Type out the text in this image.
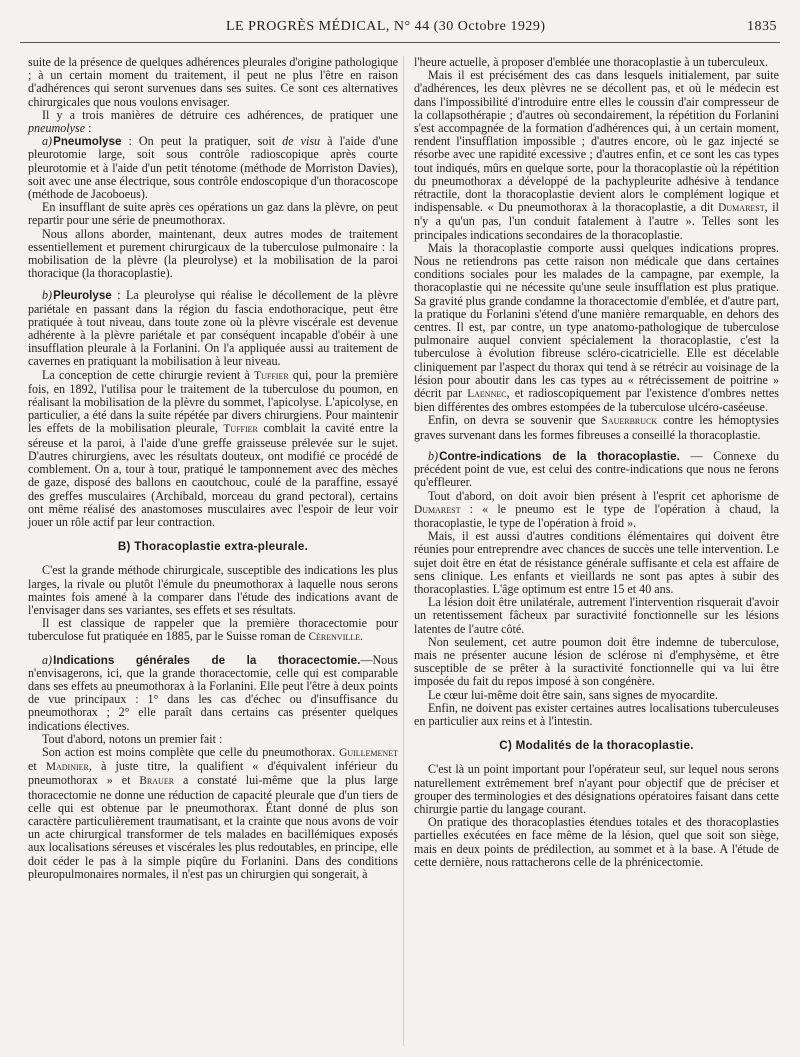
LE PROGRÈS MÉDICAL, N° 44 (30 Octobre 1929)	1835

suite de la présence de quelques adhérences pleurales d'origine pathologique ; à un certain moment du traitement, il peut ne plus l'être en raison d'adhérences qui seront survenues dans ses suites. Ce sont ces alternatives chirurgicales que nous voulons envisager.

Il y a trois manières de détruire ces adhérences, de pratiquer une pneumolyse :

a) Pneumolyse : On peut la pratiquer, soit de visu à l'aide d'une pleurotomie large, soit sous contrôle radioscopique après courte pleurotomie et à l'aide d'un petit ténotome (méthode de Morriston Davies), soit avec une anse électrique, sous contrôle endoscopique d'un thoracoscope (méthode de Jacoboeus).

En insufflant de suite après ces opérations un gaz dans la plèvre, on peut repartir pour une série de pneumothorax.

Nous allons aborder, maintenant, deux autres modes de traitement essentiellement et purement chirurgicaux de la tuberculose pulmonaire : la mobilisation de la plèvre (la pleurolyse) et la mobilisation de la paroi thoracique (la thoracoplastie).

b) Pleurolyse : La pleurolyse qui réalise le décollement de la plèvre pariétale en passant dans la région du fascia endothoracique, peut être pratiquée à tout niveau, dans toute zone où la plèvre viscérale est devenue adhérente à la plèvre pariétale et par conséquent incapable d'obéir à une insufflation pleurale à la Forlanini. On l'a appliquée aussi au traitement de cavernes en pratiquant la mobilisation à leur niveau.

La conception de cette chirurgie revient à Tuffier qui, pour la première fois, en 1892, l'utilisa pour le traitement de la tuberculose du poumon, en réalisant la mobilisation de la plèvre du sommet, l'apicolyse. L'apicolyse, en particulier, a été dans la suite répétée par divers chirurgiens. Pour maintenir les effets de la mobilisation pleurale, Tuffier comblait la cavité entre la séreuse et la paroi, à l'aide d'une greffe graisseuse prélevée sur le sujet. D'autres chirurgiens, avec les résultats douteux, ont modifié ce procédé de comblement. On a, tour à tour, pratiqué le tamponnement avec des mèches de gaze, disposé des ballons en caoutchouc, coulé de la paraffine, essayé des greffes musculaires (Archibald, morceau du grand pectoral), certains ont même réalisé des anastomoses musculaires avec l'espoir de leur voir jouer un rôle actif par leur contraction.

B) Thoracoplastie extra-pleurale.

C'est la grande méthode chirurgicale, susceptible des indications les plus larges, la rivale ou plutôt l'émule du pneumothorax à laquelle nous serons maintes fois amené à la comparer dans l'étude des indications avant de l'envisager dans ses variantes, ses effets et ses résultats.

Il est classique de rappeler que la première thoracectomie pour tuberculose fut pratiquée en 1885, par le Suisse roman de Cérenville.

a) Indications générales de la thoracectomie.—Nous n'envisagerons, ici, que la grande thoracectomie, celle qui est comparable dans ses effets au pneumothorax à la Forlanini. Elle peut l'être à deux points de vue principaux : 1° dans les cas d'échec ou d'insuffisance du pneumothorax ; 2° elle paraît dans certains cas présenter quelques indications électives.

Tout d'abord, notons un premier fait :

Son action est moins complète que celle du pneumothorax. Guillemenet et Madinier, à juste titre, la qualifient « d'équivalent inférieur du pneumothorax » et Brauer a constaté lui-même que la plus large thoracectomie ne donne une réduction de capacité pleurale que d'un tiers de celle qui est obtenue par le pneumothorax. Étant donné de plus son caractère particulièrement traumatisant, et la crainte que nous avons de voir un acte chirurgical transformer de tels malades en bacillémiques exposés aux localisations séreuses et viscérales les plus redoutables, en principe, elle doit céder le pas à la simple piqûre du Forlanini. Dans des conditions pleuropulmonaires normales, il n'est pas un chirurgien qui songerait, à

l'heure actuelle, à proposer d'emblée une thoracoplastie à un tuberculeux.

Mais il est précisément des cas dans lesquels initialement, par suite d'adhérences, les deux plèvres ne se décollent pas, et où le médecin est dans l'impossibilité d'introduire entre elles le coussin d'air compresseur de la collapsothérapie ; d'autres où secondairement, la répétition du Forlanini s'est accompagnée de la formation d'adhérences qui, à un certain moment, rendent l'insufflation impossible ; d'autres encore, où le gaz injecté se résorbe avec une rapidité excessive ; d'autres enfin, et ce sont les cas types tout indiqués, mûrs en quelque sorte, pour la thoracoplastie où la répétition du pneumothorax a développé de la pachypleurite adhésive à tendance rétractile, dont la thoracoplastie devient alors le complément logique et indispensable. « Du pneumothorax à la thoracoplastie, a dit Dumarest, il n'y a qu'un pas, l'un conduit fatalement à l'autre ». Telles sont les principales indications secondaires de la thoracoplastie.

Mais la thoracoplastie comporte aussi quelques indications propres. Nous ne retiendrons pas cette raison non médicale que dans certaines conditions sociales pour les malades de la campagne, par exemple, la thoracoplastie qui ne nécessite qu'une seule insufflation est plus pratique. Sa gravité plus grande condamne la thoracectomie d'emblée, et d'autre part, la pratique du Forlanini s'étend d'une manière remarquable, en dehors des centres. Il est, par contre, un type anatomo-pathologique de tuberculose pulmonaire auquel convient spécialement la thoracoplastie, c'est la tuberculose à évolution fibreuse scléro-cicatricielle. Elle est décelable cliniquement par l'aspect du thorax qui tend à se rétrécir au voisinage de la lésion pour aboutir dans les cas types au « rétrécissement de poitrine » décrit par Laennec, et radioscopiquement par l'existence d'ombres nettes bien différentes des ombres estompées de la tuberculose ulcéro-caséeuse.

Enfin, on devra se souvenir que Sauerbruck contre les hémoptysies graves survenant dans les formes fibreuses a conseillé la thoracoplastie.

b) Contre-indications de la thoracoplastie. — Connexe du précédent point de vue, est celui des contre-indications que nous ne ferons qu'effleurer.

Tout d'abord, on doit avoir bien présent à l'esprit cet aphorisme de Dumarest : « le pneumo est le type de l'opération à chaud, la thoracoplastie, le type de l'opération à froid ».

Mais, il est aussi d'autres conditions élémentaires qui doivent être réunies pour entreprendre avec chances de succès une telle intervention. Le sujet doit être en état de résistance générale suffisante et cela est affaire de sens clinique. Les enfants et vieillards ne sont pas aptes à subir des thoracoplasties. L'âge optimum est entre 15 et 40 ans.

La lésion doit être unilatérale, autrement l'intervention risquerait d'avoir un retentissement fâcheux par suractivité fonctionnelle sur les lésions latentes de l'autre côté.

Non seulement, cet autre poumon doit être indemne de tuberculose, mais ne présenter aucune lésion de sclérose ni d'emphysème, et être susceptible de se prêter à la suractivité fonctionnelle qui va lui être imposée du fait du repos imposé à son congénère.

Le cœur lui-même doit être sain, sans signes de myocardite.

Enfin, ne doivent pas exister certaines autres localisations tuberculeuses en particulier aux reins et à l'intestin.

C) Modalités de la thoracoplastie.

C'est là un point important pour l'opérateur seul, sur lequel nous serons naturellement extrêmement bref n'ayant pour objectif que de préciser et grouper des terminologies et des désignations opératoires faisant dans cette chirurgie partie du langage courant.

On pratique des thoracoplasties étendues totales et des thoracoplasties partielles exécutées en face même de la lésion, quel que soit son siège, mais en deux points de prédilection, au sommet et à la base. A l'étude de cette dernière, nous rattacherons celle de la phrénicectomie.
